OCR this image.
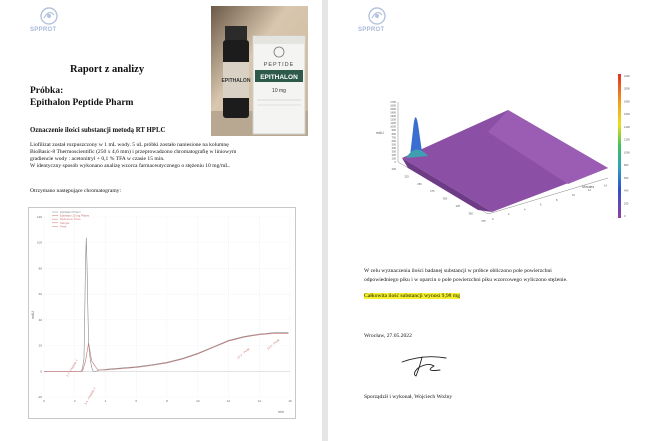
SPPROT
EPITHALON
PEPTIDE
EPITHALON
10 mg
Raport z analizy
Próbka:
Epithalon Peptide Pharm
Oznaczenie ilości substancji metodą RT HPLC
Liofilizat został rozpuszczony w 1 mL wody. 5 uL próbki zostało naniesione na kolumnę
BioBasic-8 Thermoscientific (250 x 4,6 mm) i przeprowadzono chromatografię w liniowym
gradiencie wody : acetonitryl + 0,1 % TFA w czasie 15 min.
W identyczny sposób wykonano analizę wzorca farmaceutycznego o stężeniu 10 mg/mL.
Otrzymano następujące chromatogramy:
0	2	4	6	8	10	12	14	16
-20
0
20
40
60
80
100
120
Epithalon Pharm
Epithalon 10 mg Pharm
Reference Trace
Sample
Peak
mAU
min
2.7 - Peptide 1
3.4 - Peptide 2
13.2 - Peak
14.5 - Peak
SPPROT
1700
1600
1500
1400
1300
1200
1100
1000
900
800
700
600
500
400
300
200
100
0
mAU
0
2
4
6
8
10
12
14
200
225
250
275
300
325
350
375
Minutes
2200
2000
1800
1600
1400
1200
1000
800
600
400
200
0
W celu wyznaczenia ilości badanej substancji w próbce obliczono pole powierzchni
odpowiedniego piku i w oparciu o pole powierzchni piku wzorcowego wyliczono stężenie.
Całkowita ilość substancji wynosi 9,98 mg
Wrocław, 27.05.2022
Sporządził i wykonał, Wojciech Woźny
